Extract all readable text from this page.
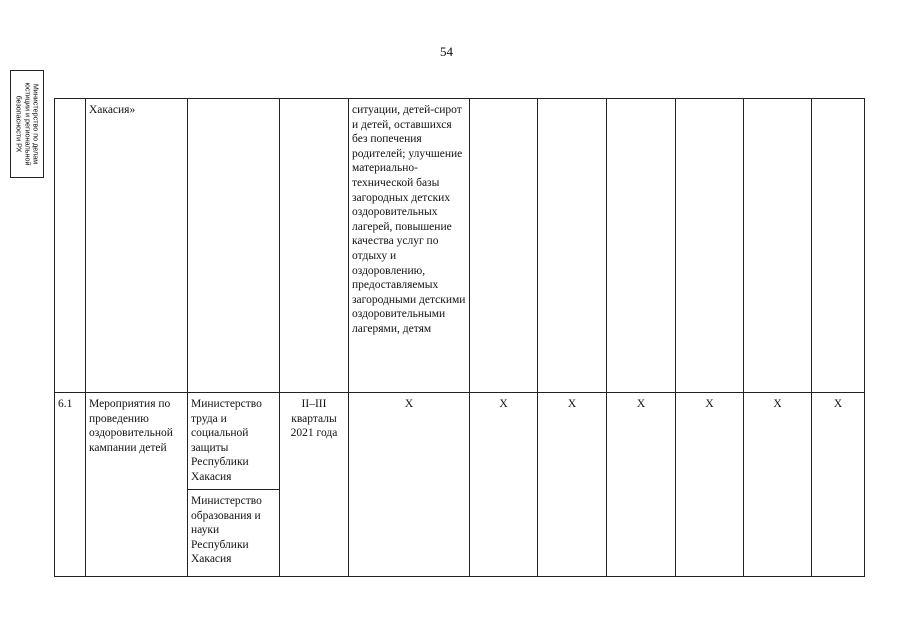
54
Министерство по делам
юстиции и региональной
безопасности РХ
	Хакасия»			ситуации, детей-сирот и детей, оставшихся без попечения родителей; улучшение материально-технической базы загородных детских оздоровительных лагерей, повышение качества услуг по отдыху и оздоровлению, предоставляемых загородными детскими оздоровительными лагерями, детям						
6.1	Мероприятия по проведению оздоровительной кампании детей	Министерство труда и социальной защиты Республики Хакасия	II–III кварталы 2021 года	X	X	X	X	X	X	X
		Министерство образования и науки Республики Хакасия								
